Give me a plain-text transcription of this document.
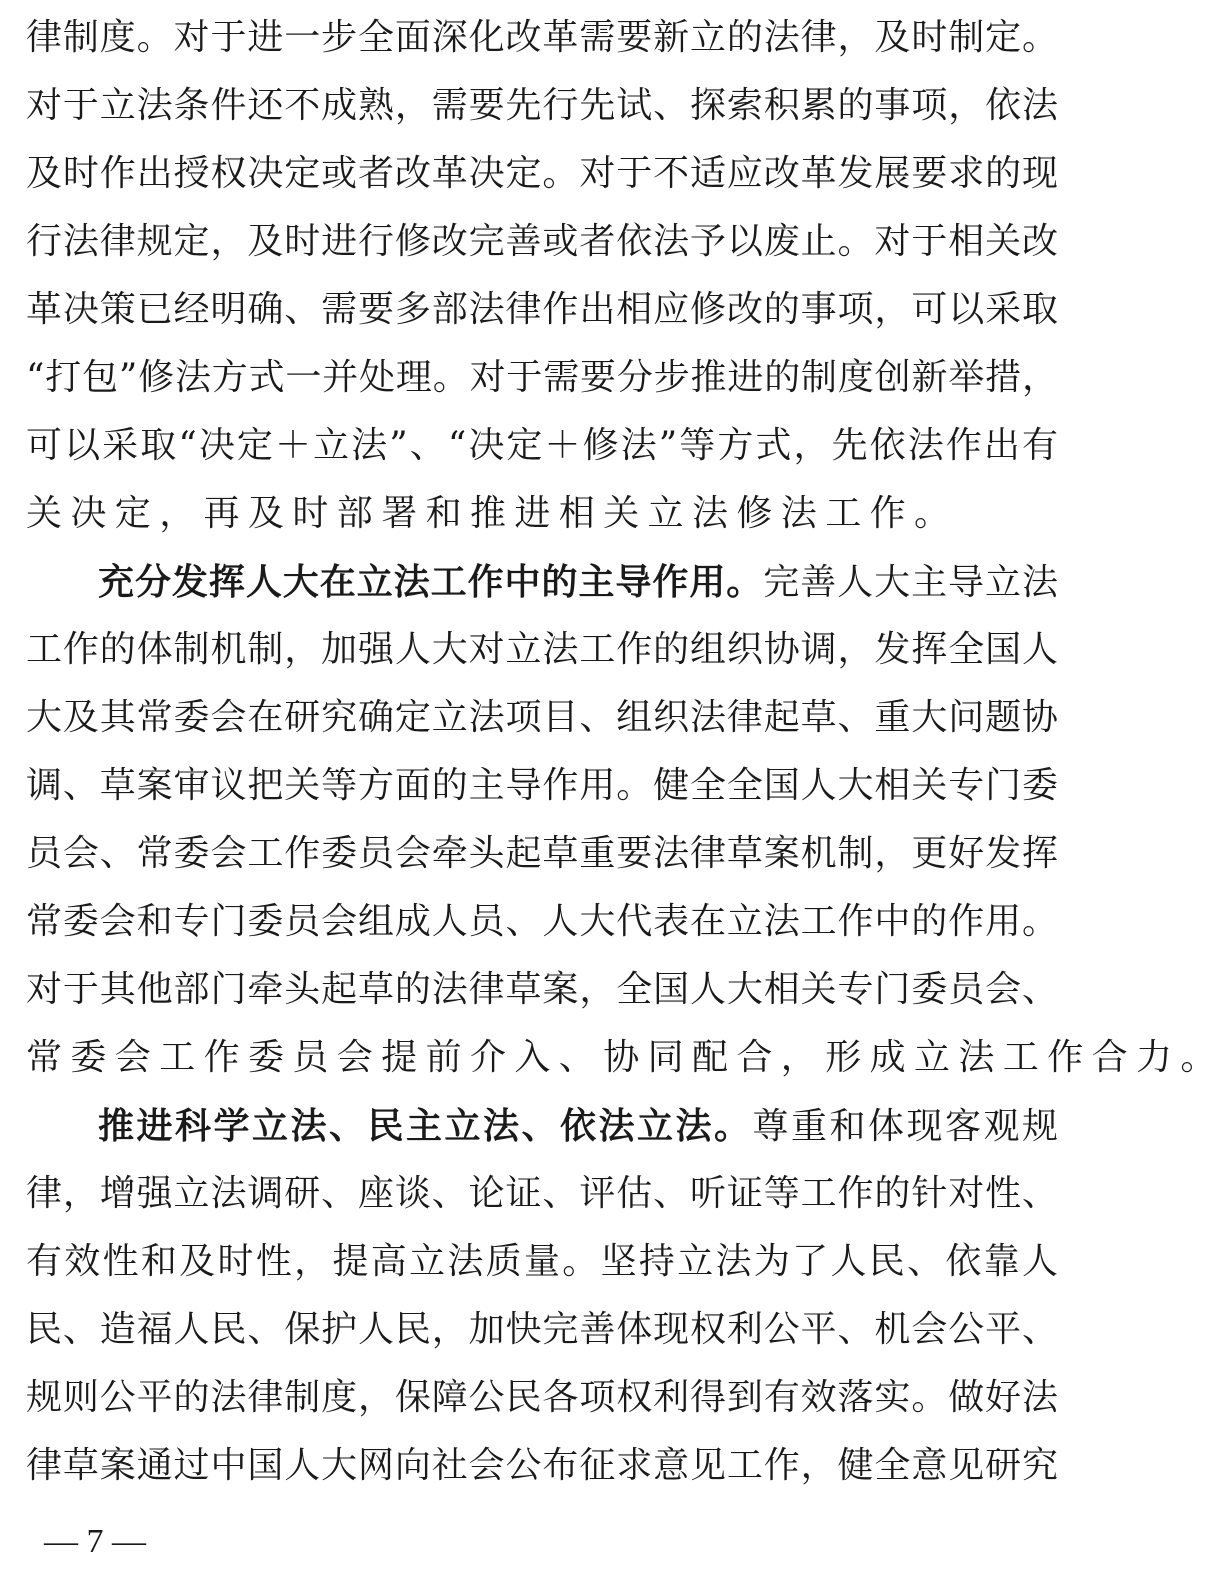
律制度。对于进一步全面深化改革需要新立的法律，及时制定。
对于立法条件还不成熟，需要先行先试、探索积累的事项，依法
及时作出授权决定或者改革决定。对于不适应改革发展要求的现
行法律规定，及时进行修改完善或者依法予以废止。对于相关改
革决策已经明确、需要多部法律作出相应修改的事项，可以采取
“打包”修法方式一并处理。对于需要分步推进的制度创新举措，
可以采取“决定＋立法”、“决定＋修法”等方式，先依法作出有
关决定，再及时部署和推进相关立法修法工作。
充分发挥人大在立法工作中的主导作用。完善人大主导立法
工作的体制机制，加强人大对立法工作的组织协调，发挥全国人
大及其常委会在研究确定立法项目、组织法律起草、重大问题协
调、草案审议把关等方面的主导作用。健全全国人大相关专门委
员会、常委会工作委员会牵头起草重要法律草案机制，更好发挥
常委会和专门委员会组成人员、人大代表在立法工作中的作用。
对于其他部门牵头起草的法律草案，全国人大相关专门委员会、
常委会工作委员会提前介入、协同配合，形成立法工作合力。
推进科学立法、民主立法、依法立法。尊重和体现客观规
律，增强立法调研、座谈、论证、评估、听证等工作的针对性、
有效性和及时性，提高立法质量。坚持立法为了人民、依靠人
民、造福人民、保护人民，加快完善体现权利公平、机会公平、
规则公平的法律制度，保障公民各项权利得到有效落实。做好法
律草案通过中国人大网向社会公布征求意见工作，健全意见研究
— 7 —
